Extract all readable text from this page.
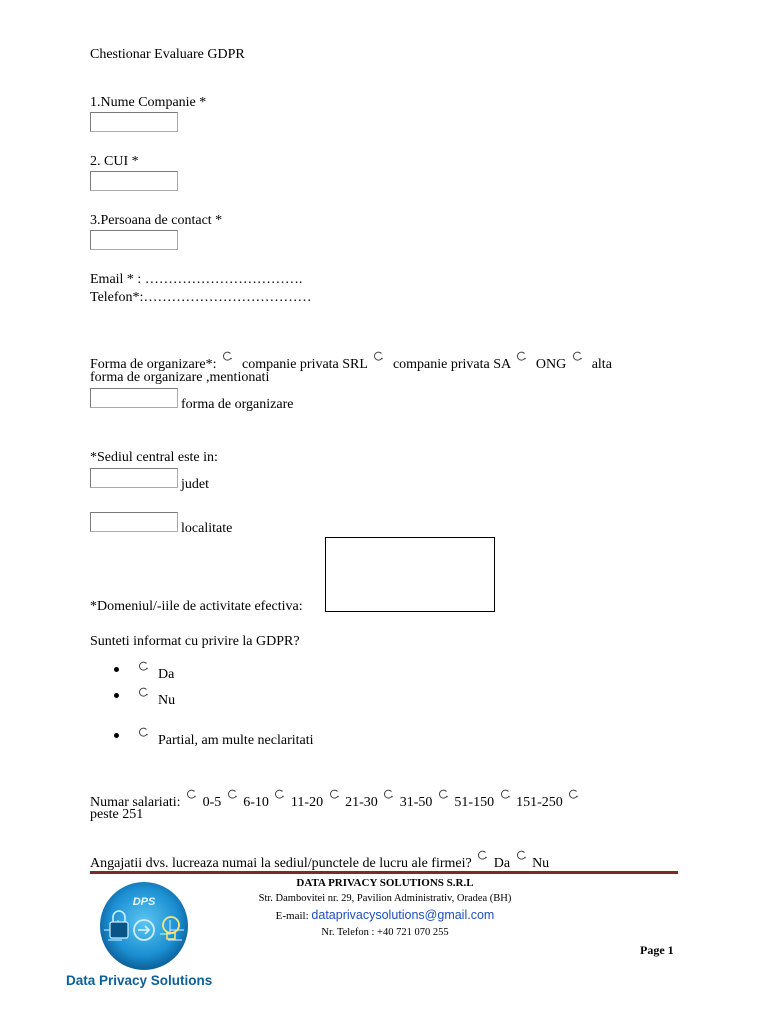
Chestionar Evaluare GDPR
1.Nume Companie *
2. CUI *
3.Persoana de contact *
Email * : …………………………….
Telefon*:………………………………
Forma de organizare*: companie privata SRL companie privata SA ONG alta
forma de organizare ,mentionati
forma de organizare
*Sediul central este in:
judet
localitate
*Domeniul/-iile de activitate efectiva:
Sunteti informat cu privire la GDPR?
Da
Nu
Partial, am multe neclaritati
Numar salariati: 0-5 6-10 11-20 21-30 31-50 51-150 151-250
peste 251
Angajatii dvs. lucreaza numai la sediul/punctele de lucru ale firmei? Da Nu
DATA PRIVACY SOLUTIONS S.R.L
Str. Dambovitei nr. 29, Pavilion Administrativ, Oradea (BH)
E-mail: dataprivacysolutions@gmail.com
Nr. Telefon : +40 721 070 255
Page 1
DPS
Data Privacy Solutions
